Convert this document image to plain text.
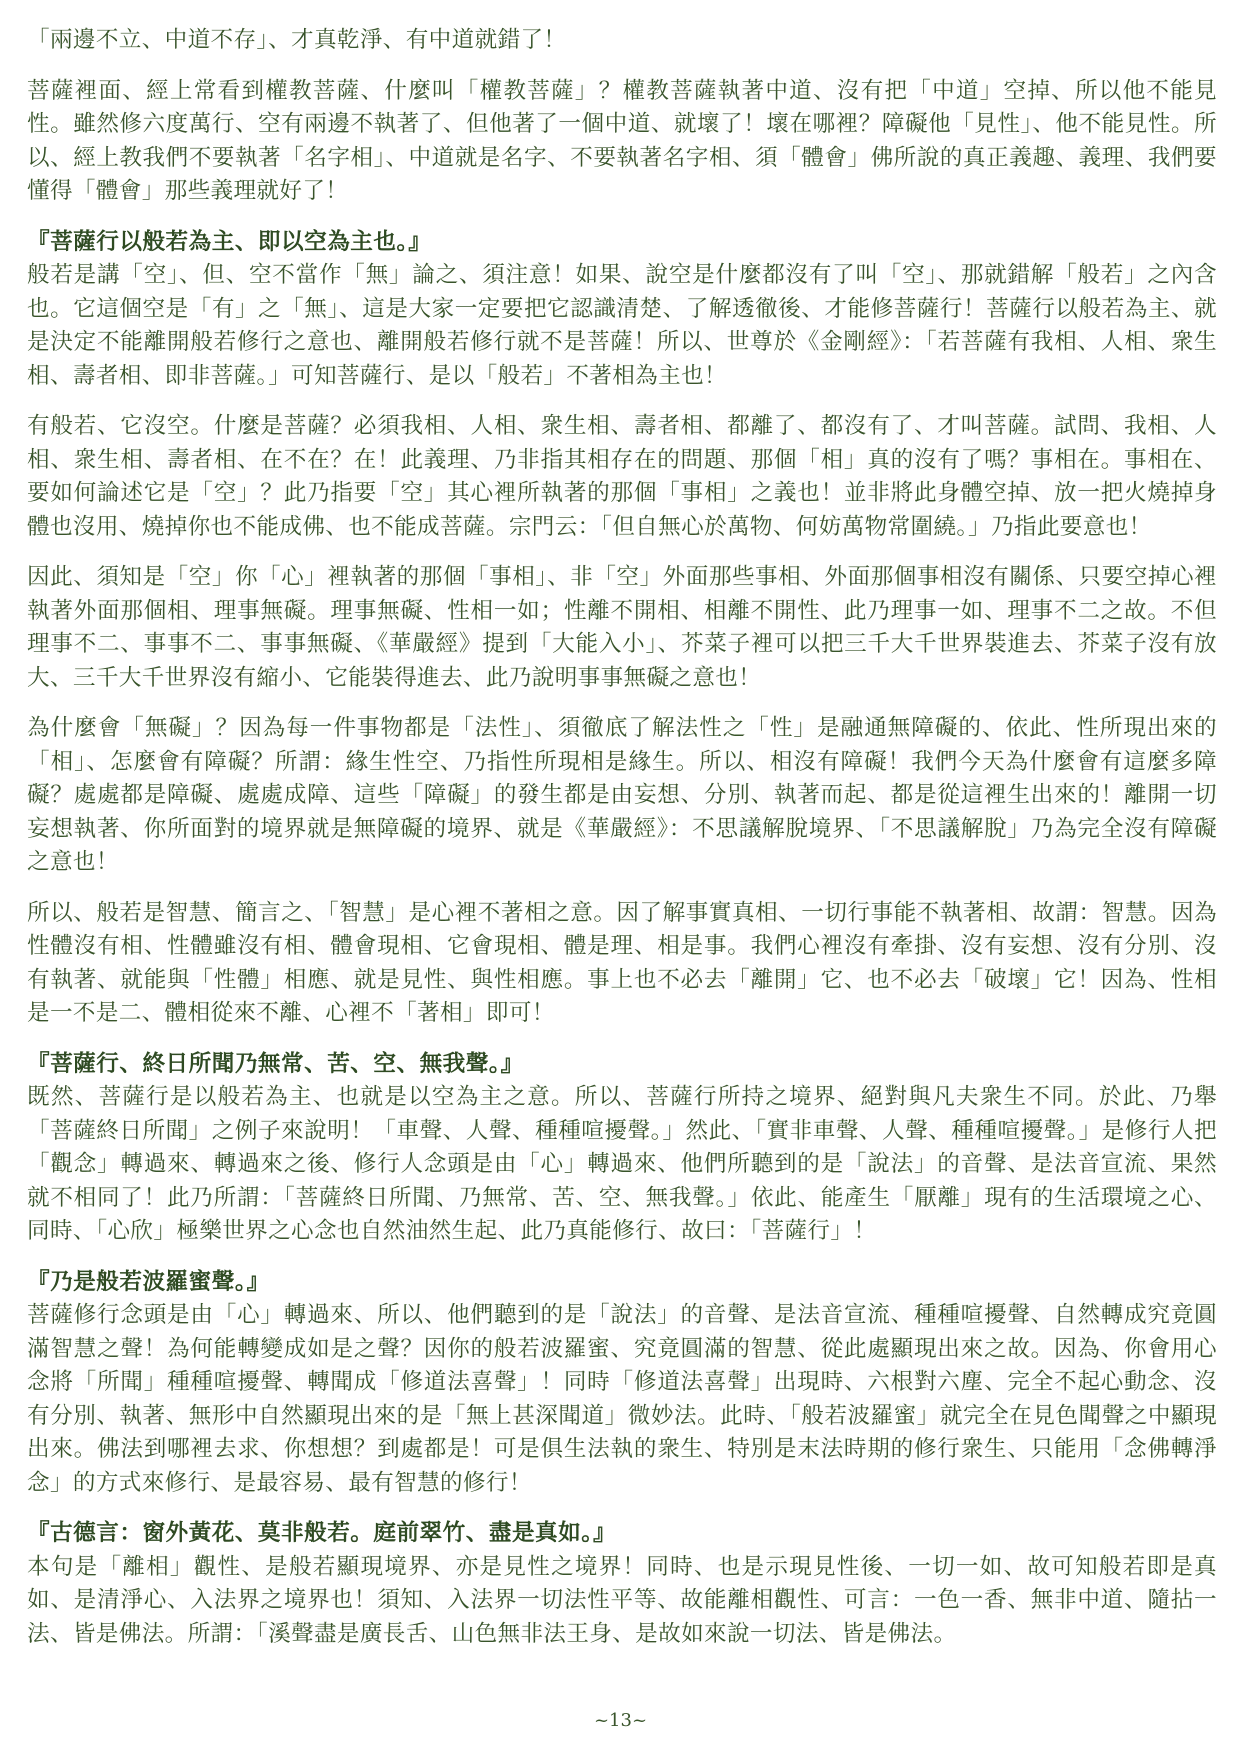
「兩邊不立、中道不存」、才真乾淨、有中道就錯了！

菩薩裡面、經上常看到權教菩薩、什麼叫「權教菩薩」？權教菩薩執著中道、沒有把「中道」空掉、所以他不能見性。雖然修六度萬行、空有兩邊不執著了、但他著了一個中道、就壞了！壞在哪裡？障礙他「見性」、他不能見性。所以、經上教我們不要執著「名字相」、中道就是名字、不要執著名字相、須「體會」佛所說的真正義趣、義理、我們要懂得「體會」那些義理就好了！

『菩薩行以般若為主、即以空為主也。』

般若是講「空」、但、空不當作「無」論之、須注意！如果、說空是什麼都沒有了叫「空」、那就錯解「般若」之內含也。它這個空是「有」之「無」、這是大家一定要把它認識清楚、了解透徹後、才能修菩薩行！菩薩行以般若為主、就是決定不能離開般若修行之意也、離開般若修行就不是菩薩！所以、世尊於《金剛經》：「若菩薩有我相、人相、衆生相、壽者相、即非菩薩。」可知菩薩行、是以「般若」不著相為主也！

有般若、它沒空。什麼是菩薩？必須我相、人相、衆生相、壽者相、都離了、都沒有了、才叫菩薩。試問、我相、人相、衆生相、壽者相、在不在？在！此義理、乃非指其相存在的問題、那個「相」真的沒有了嗎？事相在。事相在、要如何論述它是「空」？此乃指要「空」其心裡所執著的那個「事相」之義也！並非將此身體空掉、放一把火燒掉身體也沒用、燒掉你也不能成佛、也不能成菩薩。宗門云：「但自無心於萬物、何妨萬物常圍繞。」乃指此要意也！

因此、須知是「空」你「心」裡執著的那個「事相」、非「空」外面那些事相、外面那個事相沒有關係、只要空掉心裡執著外面那個相、理事無礙。理事無礙、性相一如；性離不開相、相離不開性、此乃理事一如、理事不二之故。不但理事不二、事事不二、事事無礙、《華嚴經》提到「大能入小」、芥菜子裡可以把三千大千世界裝進去、芥菜子沒有放大、三千大千世界沒有縮小、它能裝得進去、此乃說明事事無礙之意也！

為什麼會「無礙」？因為每一件事物都是「法性」、須徹底了解法性之「性」是融通無障礙的、依此、性所現出來的「相」、怎麼會有障礙？所謂：緣生性空、乃指性所現相是緣生。所以、相沒有障礙！我們今天為什麼會有這麼多障礙？處處都是障礙、處處成障、這些「障礙」的發生都是由妄想、分別、執著而起、都是從這裡生出來的！離開一切妄想執著、你所面對的境界就是無障礙的境界、就是《華嚴經》：不思議解脫境界、「不思議解脫」乃為完全沒有障礙之意也！

所以、般若是智慧、簡言之、「智慧」是心裡不著相之意。因了解事實真相、一切行事能不執著相、故謂：智慧。因為性體沒有相、性體雖沒有相、體會現相、它會現相、體是理、相是事。我們心裡沒有牽掛、沒有妄想、沒有分別、沒有執著、就能與「性體」相應、就是見性、與性相應。事上也不必去「離開」它、也不必去「破壞」它！因為、性相是一不是二、體相從來不離、心裡不「著相」即可！

『菩薩行、終日所聞乃無常、苦、空、無我聲。』

既然、菩薩行是以般若為主、也就是以空為主之意。所以、菩薩行所持之境界、絕對與凡夫衆生不同。於此、乃舉「菩薩終日所聞」之例子來說明！「車聲、人聲、種種喧擾聲。」然此、「實非車聲、人聲、種種喧擾聲。」是修行人把「觀念」轉過來、轉過來之後、修行人念頭是由「心」轉過來、他們所聽到的是「說法」的音聲、是法音宣流、果然就不相同了！此乃所謂：「菩薩終日所聞、乃無常、苦、空、無我聲。」依此、能產生「厭離」現有的生活環境之心、同時、「心欣」極樂世界之心念也自然油然生起、此乃真能修行、故曰：「菩薩行」！

『乃是般若波羅蜜聲。』

菩薩修行念頭是由「心」轉過來、所以、他們聽到的是「說法」的音聲、是法音宣流、種種喧擾聲、自然轉成究竟圓滿智慧之聲！為何能轉變成如是之聲？因你的般若波羅蜜、究竟圓滿的智慧、從此處顯現出來之故。因為、你會用心念將「所聞」種種喧擾聲、轉聞成「修道法喜聲」！同時「修道法喜聲」出現時、六根對六塵、完全不起心動念、沒有分別、執著、無形中自然顯現出來的是「無上甚深聞道」微妙法。此時、「般若波羅蜜」就完全在見色聞聲之中顯現出來。佛法到哪裡去求、你想想？到處都是！可是俱生法執的衆生、特別是末法時期的修行衆生、只能用「念佛轉淨念」的方式來修行、是最容易、最有智慧的修行！

『古德言：窗外黃花、莫非般若。庭前翠竹、盡是真如。』

本句是「離相」觀性、是般若顯現境界、亦是見性之境界！同時、也是示現見性後、一切一如、故可知般若即是真如、是清淨心、入法界之境界也！須知、入法界一切法性平等、故能離相觀性、可言：一色一香、無非中道、隨拈一法、皆是佛法。所謂：「溪聲盡是廣長舌、山色無非法王身、是故如來說一切法、皆是佛法。

~13~
